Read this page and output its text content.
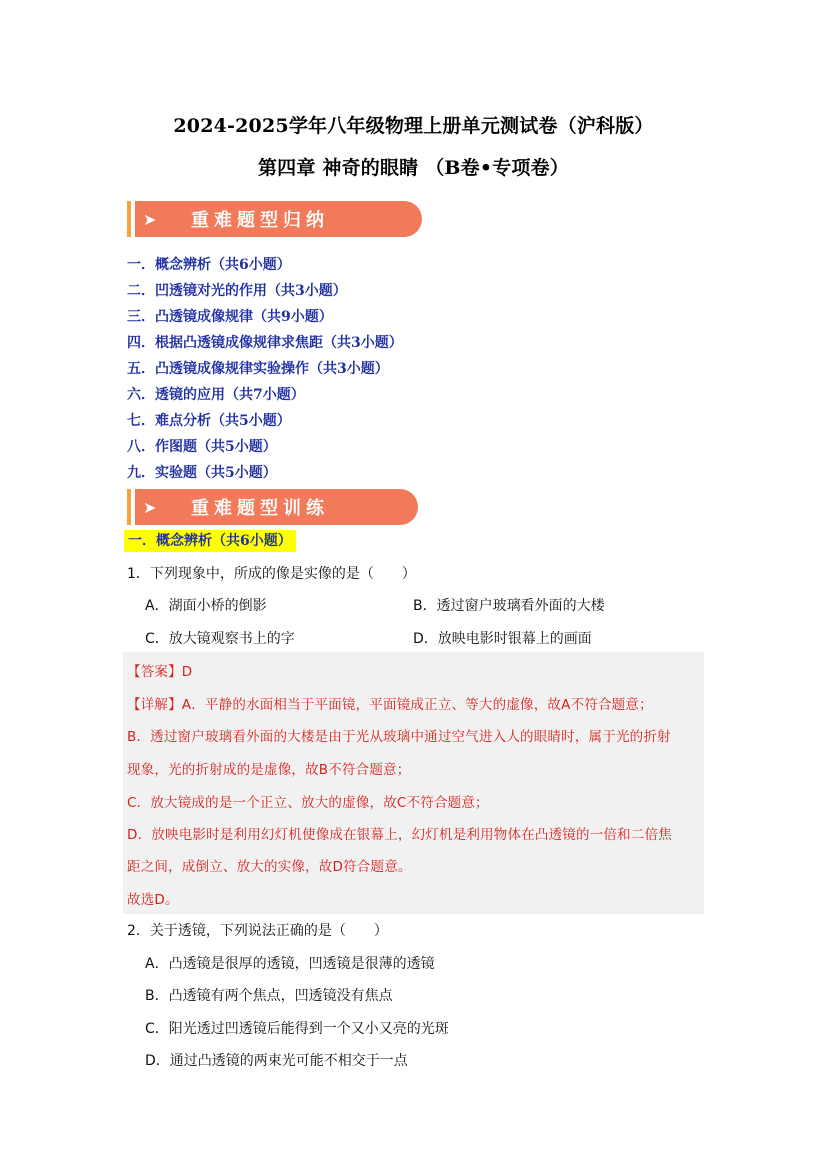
2024-2025学年八年级物理上册单元测试卷（沪科版）
第四章 神奇的眼睛 （B卷•专项卷）
➤ 重难题型归纳
一．概念辨析（共6小题）
二．凹透镜对光的作用（共3小题）
三．凸透镜成像规律（共9小题）
四．根据凸透镜成像规律求焦距（共3小题）
五．凸透镜成像规律实验操作（共3小题）
六．透镜的应用（共7小题）
七．难点分析（共5小题）
八．作图题（共5小题）
九．实验题（共5小题）
➤ 重难题型训练
一．概念辨析（共6小题）
1．下列现象中，所成的像是实像的是（　　）
A．湖面小桥的倒影	B．透过窗户玻璃看外面的大楼
C．放大镜观察书上的字	D．放映电影时银幕上的画面
【答案】D
【详解】A．平静的水面相当于平面镜，平面镜成正立、等大的虚像，故A不符合题意；
B．透过窗户玻璃看外面的大楼是由于光从玻璃中通过空气进入人的眼睛时，属于光的折射
现象，光的折射成的是虚像，故B不符合题意；
C．放大镜成的是一个正立、放大的虚像，故C不符合题意；
D．放映电影时是利用幻灯机使像成在银幕上，幻灯机是利用物体在凸透镜的一倍和二倍焦
距之间，成倒立、放大的实像，故D符合题意。
故选D。
2．关于透镜，下列说法正确的是（　　）
A．凸透镜是很厚的透镜，凹透镜是很薄的透镜
B．凸透镜有两个焦点，凹透镜没有焦点
C．阳光透过凹透镜后能得到一个又小又亮的光斑
D．通过凸透镜的两束光可能不相交于一点
